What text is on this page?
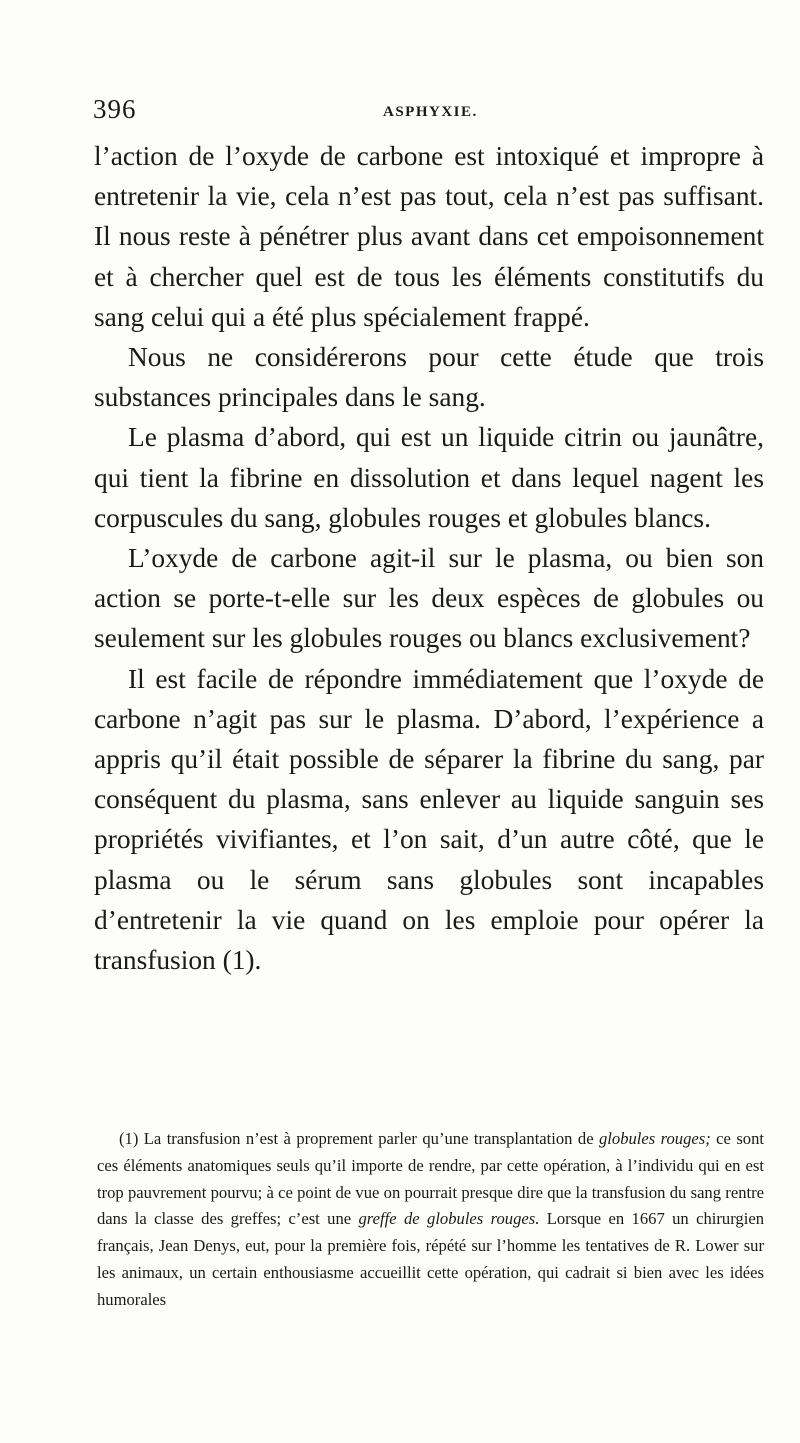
396	ASPHYXIE.

l’action de l’oxyde de carbone est intoxiqué et impropre à entretenir la vie, cela n’est pas tout, cela n’est pas suffisant. Il nous reste à pénétrer plus avant dans cet empoisonnement et à chercher quel est de tous les éléments constitutifs du sang celui qui a été plus spécialement frappé.

Nous ne considérerons pour cette étude que trois substances principales dans le sang.

Le plasma d’abord, qui est un liquide citrin ou jaunâtre, qui tient la fibrine en dissolution et dans lequel nagent les corpuscules du sang, globules rouges et globules blancs.

L’oxyde de carbone agit-il sur le plasma, ou bien son action se porte-t-elle sur les deux espèces de globules ou seulement sur les globules rouges ou blancs exclusivement?

Il est facile de répondre immédiatement que l’oxyde de carbone n’agit pas sur le plasma. D’abord, l’expérience a appris qu’il était possible de séparer la fibrine du sang, par conséquent du plasma, sans enlever au liquide sanguin ses propriétés vivifiantes, et l’on sait, d’un autre côté, que le plasma ou le sérum sans globules sont incapables d’entretenir la vie quand on les emploie pour opérer la transfusion (1).

(1) La transfusion n’est à proprement parler qu’une transplantation de globules rouges; ce sont ces éléments anatomiques seuls qu’il importe de rendre, par cette opération, à l’individu qui en est trop pauvrement pourvu; à ce point de vue on pourrait presque dire que la transfusion du sang rentre dans la classe des greffes; c’est une greffe de globules rouges. Lorsque en 1667 un chirurgien français, Jean Denys, eut, pour la première fois, répété sur l’homme les tentatives de R. Lower sur les animaux, un certain enthousiasme accueillit cette opération, qui cadrait si bien avec les idées humorales
